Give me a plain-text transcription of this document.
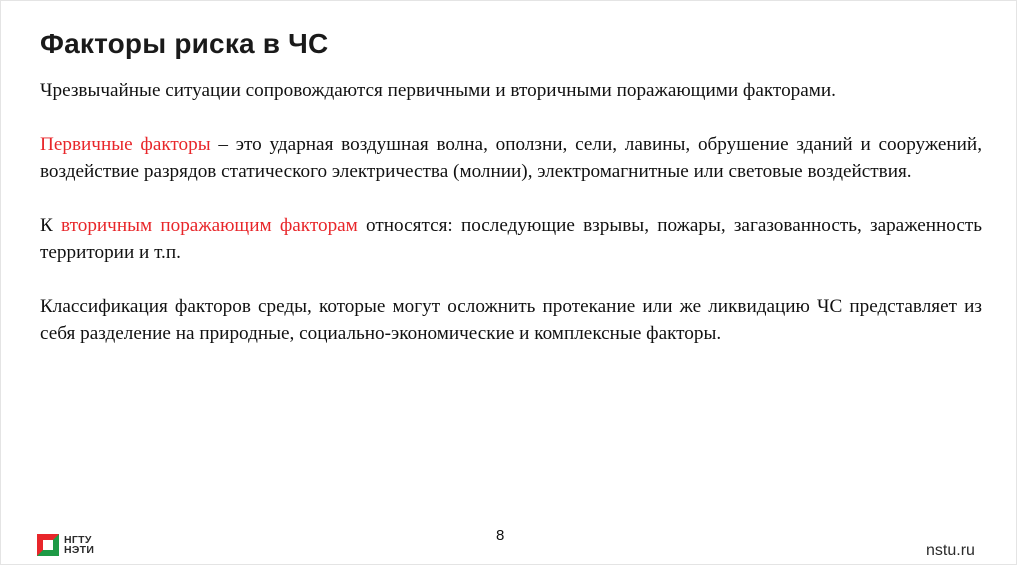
Факторы риска в ЧС

Чрезвычайные ситуации сопровождаются первичными и вторичными поражающими факторами.

Первичные факторы – это ударная воздушная волна, оползни, сели, лавины, обрушение зданий и сооружений, воздействие разрядов статического электричества (молнии), электромагнитные или световые воздействия.

К вторичным поражающим факторам относятся: последующие взрывы, пожары, загазованность, зараженность территории и т.п.

Классификация факторов среды, которые могут осложнить протекание или же ликвидацию ЧС представляет из себя разделение на природные, социально-экономические и комплексные факторы.

8
НГТУ
НЭТИ	nstu.ru
